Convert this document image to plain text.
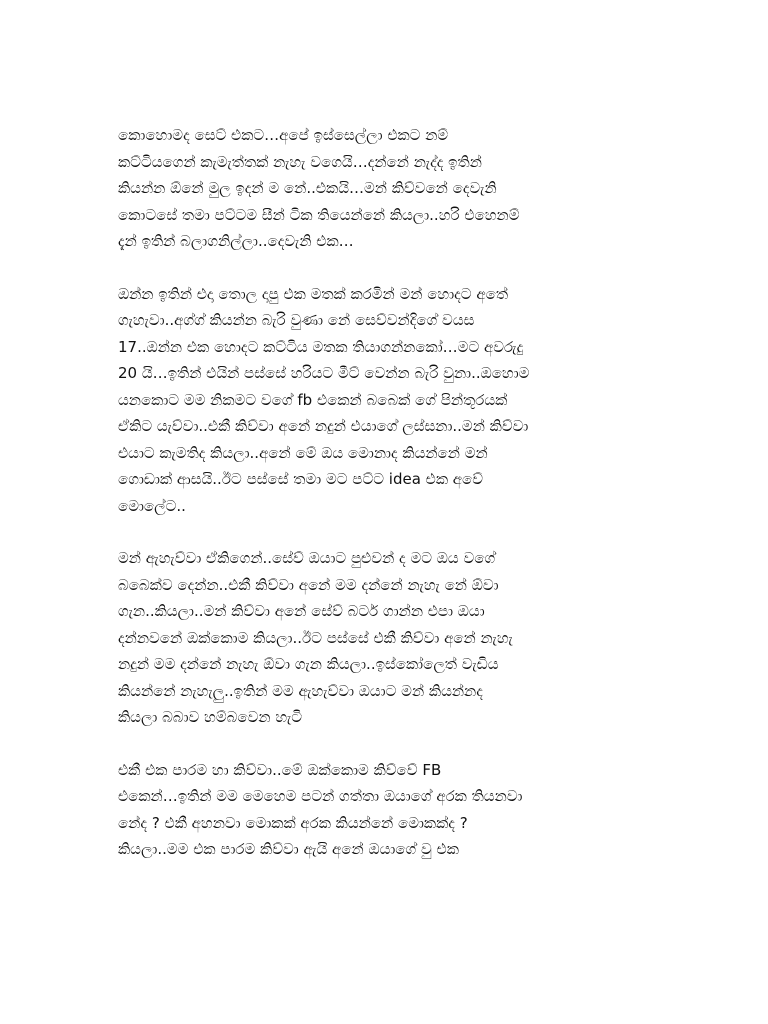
කොහොමද සෙට් එකට…අපේ ඉස්සෙල්ලා එකට නම්
කට්ටියගෙන් කැමැත්තක් නැහැ වගෙයි…දන්නේ නැද්ද ඉතින්
කියන්න ඕනේ මුල ඉදන් ම නේ..එකයි…මන් කිව්වනේ දෙවැනි
කොටසේ තමා පට්ටම සීන් ටික තියෙන්නේ කියලා..හරි එහෙනම්
දැන් ඉතින් බලාගනිල්ලා..දෙවැනි එක…
ඔන්න ඉතින් එදා තොල දාපු එක මතක් කරමින් මන් හොදට අතේ
ගැහැවා..අග්ග් කියන්න බැරි වුණා නේ සෙව්වන්දිගේ වයස
17..ඔන්න එක හොදට කට්ටිය මතක තියාගන්නකෝ…මට අවරුදු
20 යි…ඉතින් එයින් පස්සේ හරියට මීට් වෙන්න බැරි වුනා..ඔහොම
යනකොට මම නිකමට වගේ fb එකෙන් බබෙක් ගේ පින්තූරයක්
ඒකිට යැව්වා..එකී කිව්වා අනේ නදුන් එයාගේ ලස්සනා..මන් කිව්වා
එයාට කැමතිද කියලා..අනේ මේ ඔය මොනාද කියන්නේ මන්
ගොඩාක් ආසයි..ඊට පස්සේ තමා මට පට්ට idea එක අවේ
මොලේට..
මන් ඇහැව්වා ඒකිගෙන්..සේව් ඔයාට පුළුවන් ද මට ඔය වගේ
බබෙක්ව දෙන්න..එකී කිව්වා අනේ මම දන්නේ නැහැ නේ ඕවා
ගැන..කියලා..මන් කිව්වා අනේ සේව් බටර් ගාන්න එපා ඔයා
දන්නවනේ ඔක්කොම කියලා..ඊට පස්සේ එකී කිව්වා අනේ නැහැ
නදුන් මම දන්නේ නැහැ ඕවා ගැන කියලා..ඉස්කෝලෙත් වැඩිය
කියන්නේ නැහැලු..ඉතින් මම ඇහැව්වා ඔයාට මන් කියන්නද
කියලා බබාව හම්බවෙන හැටි
එකී එක පාරම හා කිව්වා..මේ ඔක්කොම කිව්වේ FB
එකෙන්…ඉතින් මම මෙහෙම පටන් ගත්තා ඔයාගේ අරක තියනවා
නේද ? එකී අහනවා මොකක් අරක කියන්නේ මොකක්ද ?
කියලා..මම එක පාරම කිව්වා ඇයි අනේ ඔයාගේ වු එක
